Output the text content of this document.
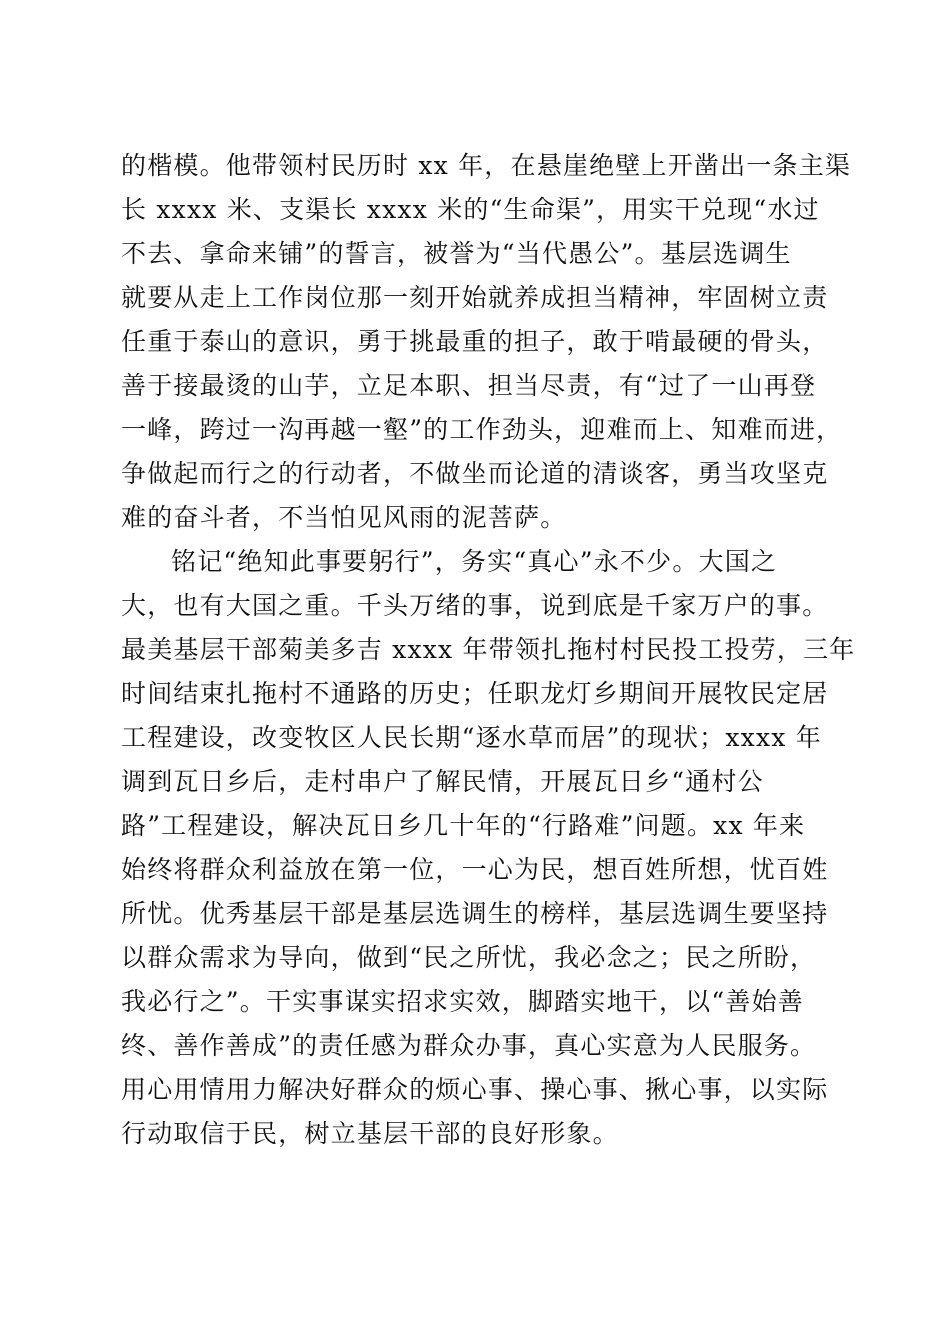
的楷模。他带领村民历时 xx 年，在悬崖绝壁上开凿出一条主渠
长 xxxx 米、支渠长 xxxx 米的“生命渠”，用实干兑现“水过
不去、拿命来铺”的誓言，被誉为“当代愚公”。基层选调生
就要从走上工作岗位那一刻开始就养成担当精神，牢固树立责
任重于泰山的意识，勇于挑最重的担子，敢于啃最硬的骨头，
善于接最烫的山芋，立足本职、担当尽责，有“过了一山再登
一峰，跨过一沟再越一壑”的工作劲头，迎难而上、知难而进，
争做起而行之的行动者，不做坐而论道的清谈客，勇当攻坚克
难的奋斗者，不当怕见风雨的泥菩萨。
铭记“绝知此事要躬行”，务实“真心”永不少。大国之
大，也有大国之重。千头万绪的事，说到底是千家万户的事。
最美基层干部菊美多吉 xxxx 年带领扎拖村村民投工投劳，三年
时间结束扎拖村不通路的历史；任职龙灯乡期间开展牧民定居
工程建设，改变牧区人民长期“逐水草而居”的现状；xxxx 年
调到瓦日乡后，走村串户了解民情，开展瓦日乡“通村公
路”工程建设，解决瓦日乡几十年的“行路难”问题。xx 年来
始终将群众利益放在第一位，一心为民，想百姓所想，忧百姓
所忧。优秀基层干部是基层选调生的榜样，基层选调生要坚持
以群众需求为导向，做到“民之所忧，我必念之；民之所盼，
我必行之”。干实事谋实招求实效，脚踏实地干，以“善始善
终、善作善成”的责任感为群众办事，真心实意为人民服务。
用心用情用力解决好群众的烦心事、操心事、揪心事，以实际
行动取信于民，树立基层干部的良好形象。
